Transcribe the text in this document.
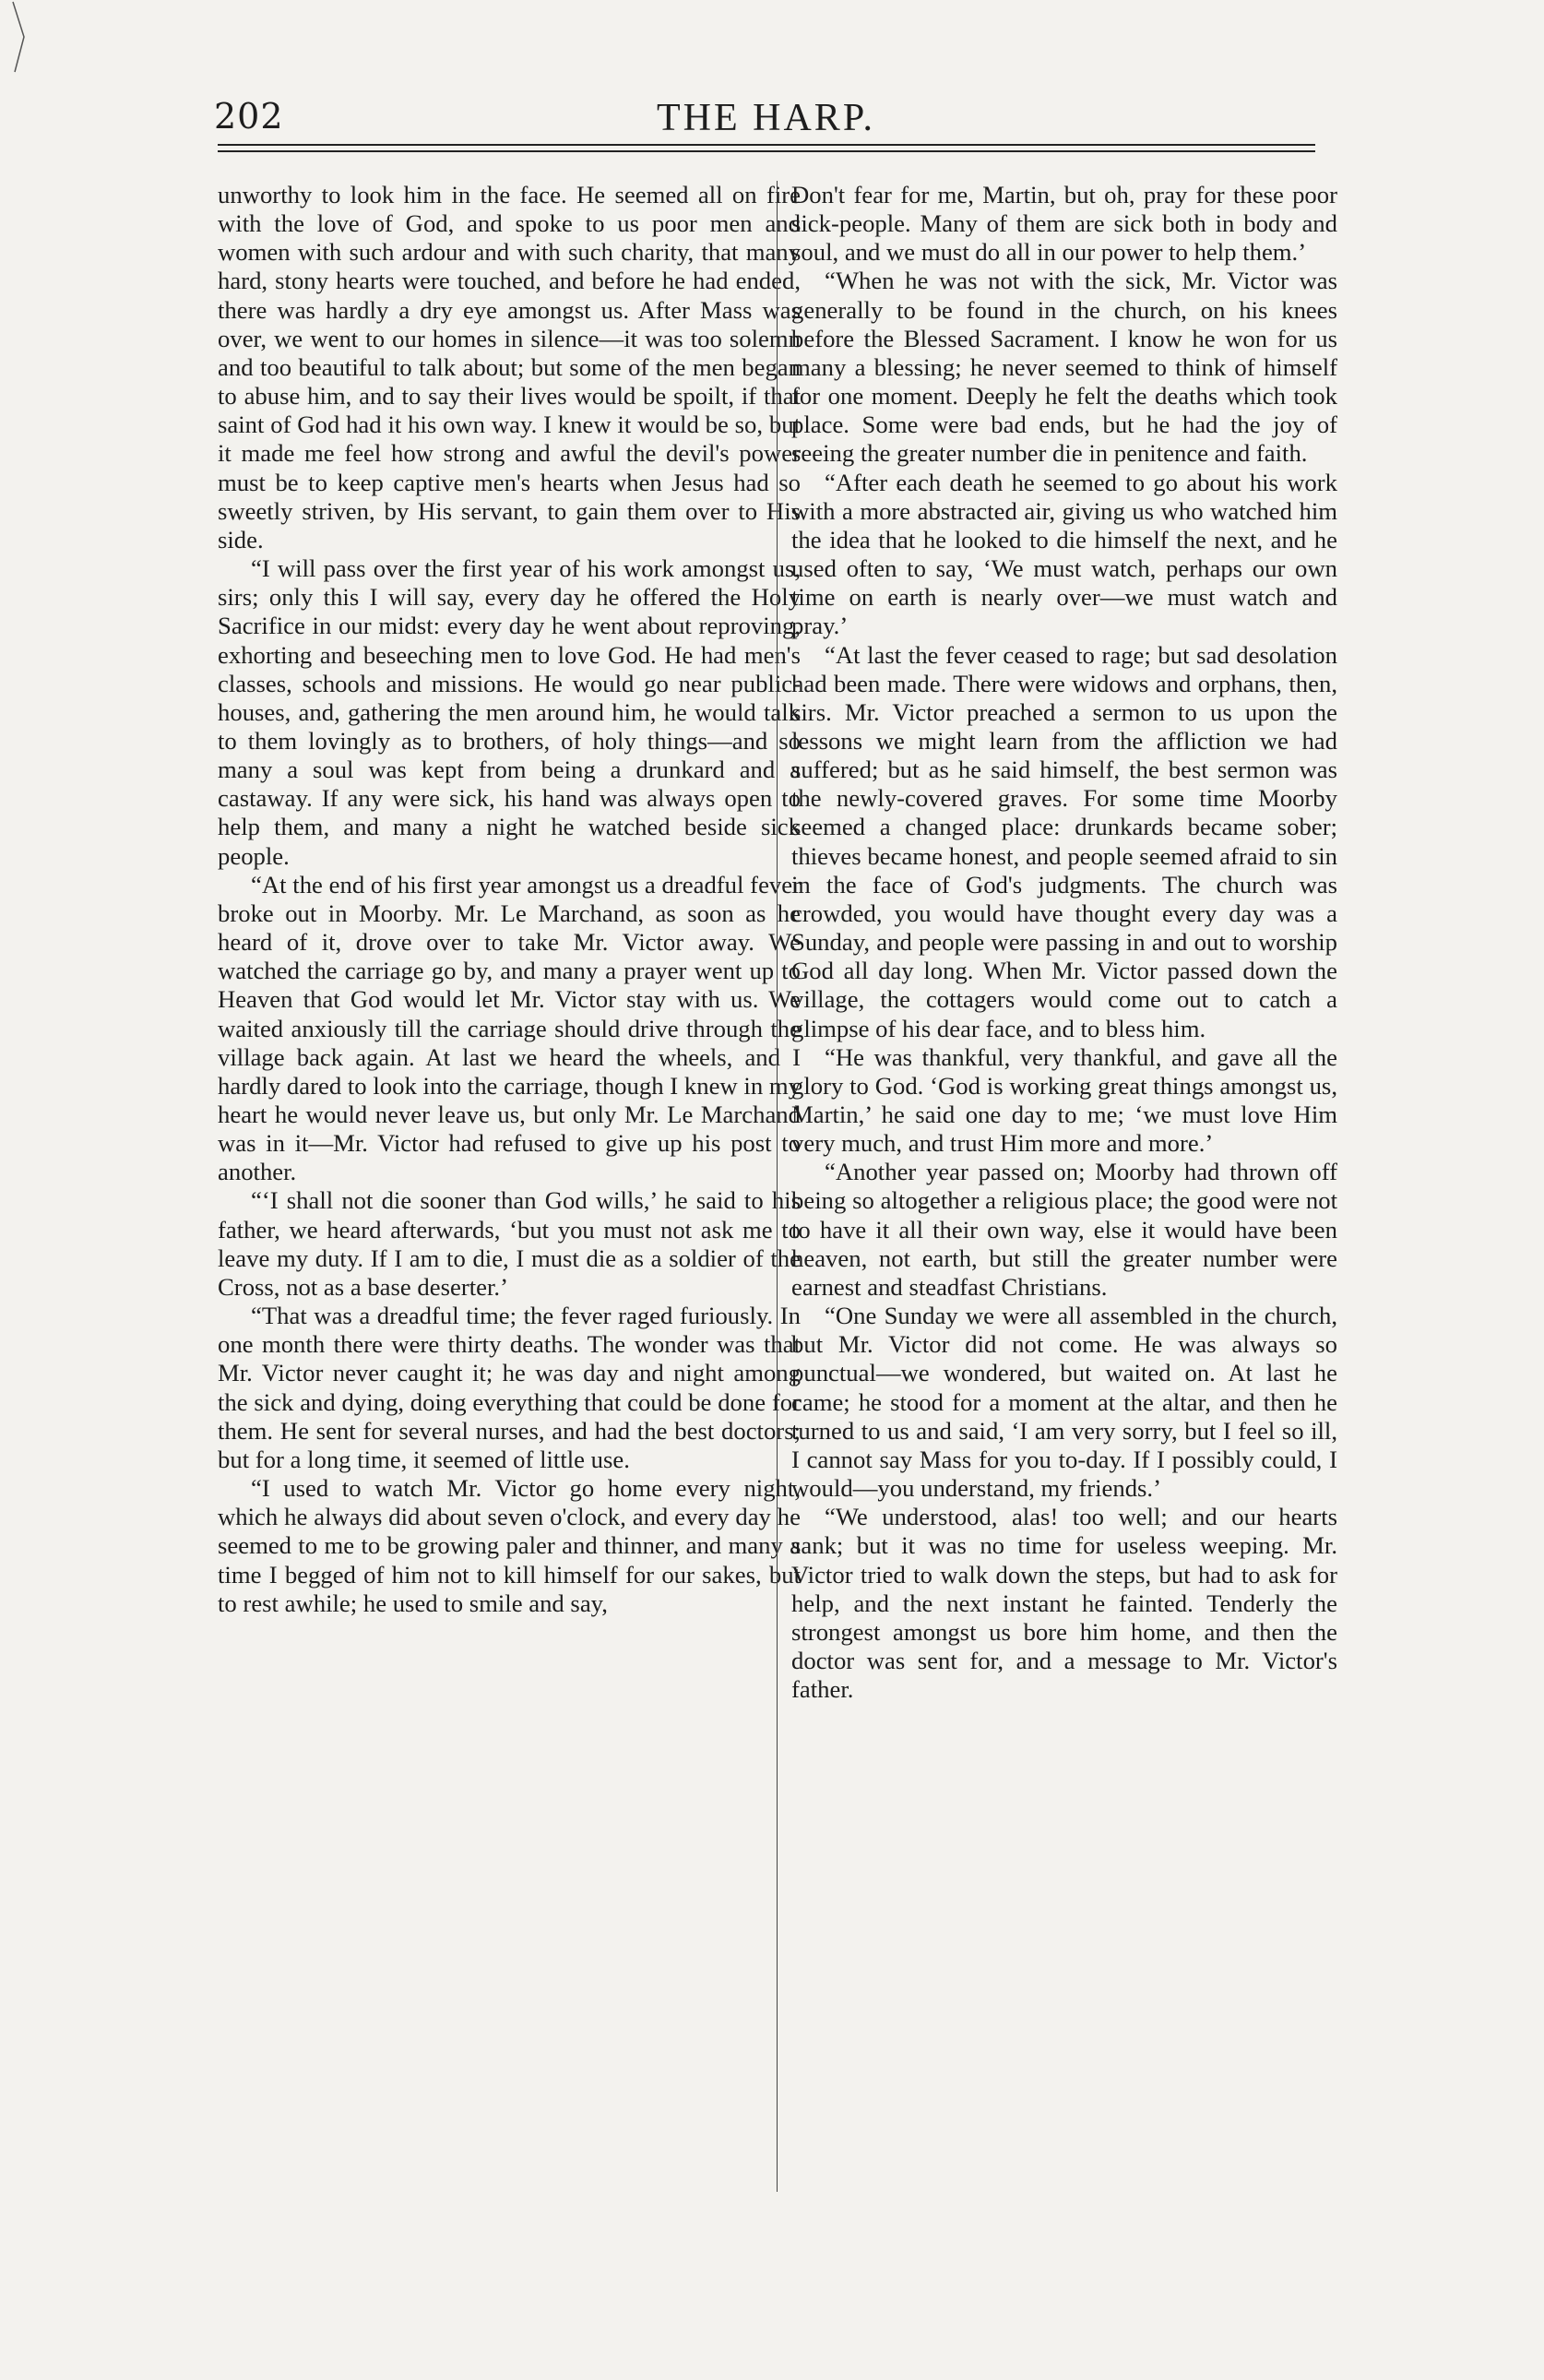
202	THE HARP.

unworthy to look him in the face. He seemed all on fire with the love of God, and spoke to us poor men and women with such ardour and with such charity, that many hard, stony hearts were touched, and before he had ended, there was hardly a dry eye amongst us. After Mass was over, we went to our homes in silence—it was too solemn and too beautiful to talk about; but some of the men began to abuse him, and to say their lives would be spoilt, if that saint of God had it his own way. I knew it would be so, but it made me feel how strong and awful the devil's power must be to keep captive men's hearts when Jesus had so sweetly striven, by His servant, to gain them over to His side.

“I will pass over the first year of his work amongst us, sirs; only this I will say, every day he offered the Holy Sacrifice in our midst: every day he went about reproving, exhorting and beseeching men to love God. He had men's classes, schools and missions. He would go near public-houses, and, gathering the men around him, he would talk to them lovingly as to brothers, of holy things—and so many a soul was kept from being a drunkard and a castaway. If any were sick, his hand was always open to help them, and many a night he watched beside sick people.

“At the end of his first year amongst us a dreadful fever broke out in Moorby. Mr. Le Marchand, as soon as he heard of it, drove over to take Mr. Victor away. We watched the carriage go by, and many a prayer went up to Heaven that God would let Mr. Victor stay with us. We waited anxiously till the carriage should drive through the village back again. At last we heard the wheels, and I hardly dared to look into the carriage, though I knew in my heart he would never leave us, but only Mr. Le Marchand was in it—Mr. Victor had refused to give up his post to another.

“‘I shall not die sooner than God wills,’ he said to his father, we heard afterwards, ‘but you must not ask me to leave my duty. If I am to die, I must die as a soldier of the Cross, not as a base deserter.’

“That was a dreadful time; the fever raged furiously. In one month there were thirty deaths. The wonder was that Mr. Victor never caught it; he was day and night among the sick and dying, doing everything that could be done for them. He sent for several nurses, and had the best doctors; but for a long time, it seemed of little use.

“I used to watch Mr. Victor go home every night, which he always did about seven o'clock, and every day he seemed to me to be growing paler and thinner, and many a time I begged of him not to kill himself for our sakes, but to rest awhile; he used to smile and say,

Don't fear for me, Martin, but oh, pray for these poor sick-people. Many of them are sick both in body and soul, and we must do all in our power to help them.’

“When he was not with the sick, Mr. Victor was generally to be found in the church, on his knees before the Blessed Sacrament. I know he won for us many a blessing; he never seemed to think of himself for one moment. Deeply he felt the deaths which took place. Some were bad ends, but he had the joy of seeing the greater number die in penitence and faith.

“After each death he seemed to go about his work with a more abstracted air, giving us who watched him the idea that he looked to die himself the next, and he used often to say, ‘We must watch, perhaps our own time on earth is nearly over—we must watch and pray.’

“At last the fever ceased to rage; but sad desolation had been made. There were widows and orphans, then, sirs. Mr. Victor preached a sermon to us upon the lessons we might learn from the affliction we had suffered; but as he said himself, the best sermon was the newly-covered graves. For some time Moorby seemed a changed place: drunkards became sober; thieves became honest, and people seemed afraid to sin in the face of God's judgments. The church was crowded, you would have thought every day was a Sunday, and people were passing in and out to worship God all day long. When Mr. Victor passed down the village, the cottagers would come out to catch a glimpse of his dear face, and to bless him.

“He was thankful, very thankful, and gave all the glory to God. ‘God is working great things amongst us, Martin,’ he said one day to me; ‘we must love Him very much, and trust Him more and more.’

“Another year passed on; Moorby had thrown off being so altogether a religious place; the good were not to have it all their own way, else it would have been heaven, not earth, but still the greater number were earnest and steadfast Christians.

“One Sunday we were all assembled in the church, but Mr. Victor did not come. He was always so punctual—we wondered, but waited on. At last he came; he stood for a moment at the altar, and then he turned to us and said, ‘I am very sorry, but I feel so ill, I cannot say Mass for you to-day. If I possibly could, I would—you understand, my friends.’

“We understood, alas! too well; and our hearts sank; but it was no time for useless weeping. Mr. Victor tried to walk down the steps, but had to ask for help, and the next instant he fainted. Tenderly the strongest amongst us bore him home, and then the doctor was sent for, and a message to Mr. Victor's father.
